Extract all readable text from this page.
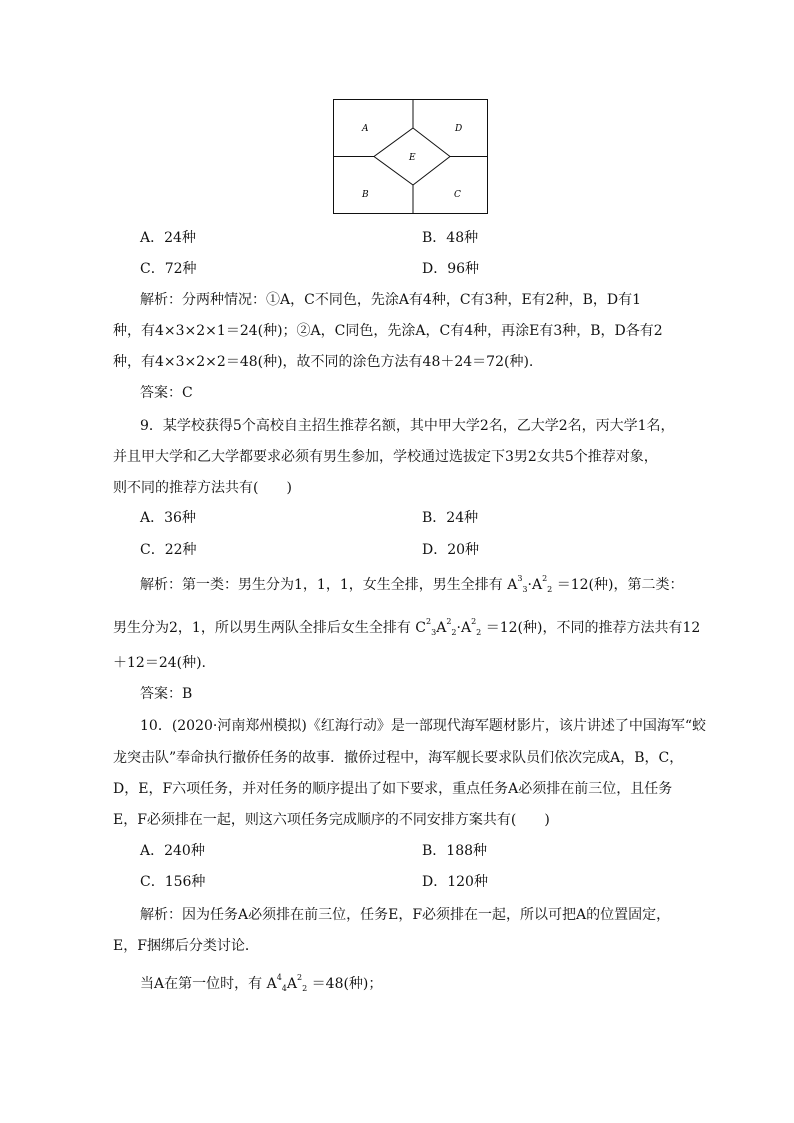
A	D
E
B	C
A．24种	B．48种
C．72种	D．96种
解析：分两种情况：①A，C不同色，先涂A有4种，C有3种，E有2种，B，D有1
种，有4×3×2×1＝24(种)；②A，C同色，先涂A，C有4种，再涂E有3种，B，D各有2
种，有4×3×2×2＝48(种)，故不同的涂色方法有48＋24＝72(种).
答案：C
9．某学校获得5个高校自主招生推荐名额，其中甲大学2名，乙大学2名，丙大学1名，
并且甲大学和乙大学都要求必须有男生参加，学校通过选拔定下3男2女共5个推荐对象，
则不同的推荐方法共有(　　)
A．36种	B．24种
C．22种	D．20种
解析：第一类：男生分为1，1，1，女生全排，男生全排有 $A^3_3\cdot A^2_2 =12$(种)，第二类：
男生分为2，1，所以男生两队全排后女生全排有 $C^2_3A^2_2\cdot A^2_2 =12$(种)，不同的推荐方法共有12
＋12＝24(种).
答案：B
10．(2020·河南郑州模拟)《红海行动》是一部现代海军题材影片，该片讲述了中国海军“蛟
龙突击队”奉命执行撤侨任务的故事．撤侨过程中，海军舰长要求队员们依次完成A，B，C，
D，E，F六项任务，并对任务的顺序提出了如下要求，重点任务A必须排在前三位，且任务
E，F必须排在一起，则这六项任务完成顺序的不同安排方案共有(　　)
A．240种	B．188种
C．156种	D．120种
解析：因为任务A必须排在前三位，任务E，F必须排在一起，所以可把A的位置固定，
E，F捆绑后分类讨论．
当A在第一位时，有 $A^4_4A^2_2 =48$(种)；
